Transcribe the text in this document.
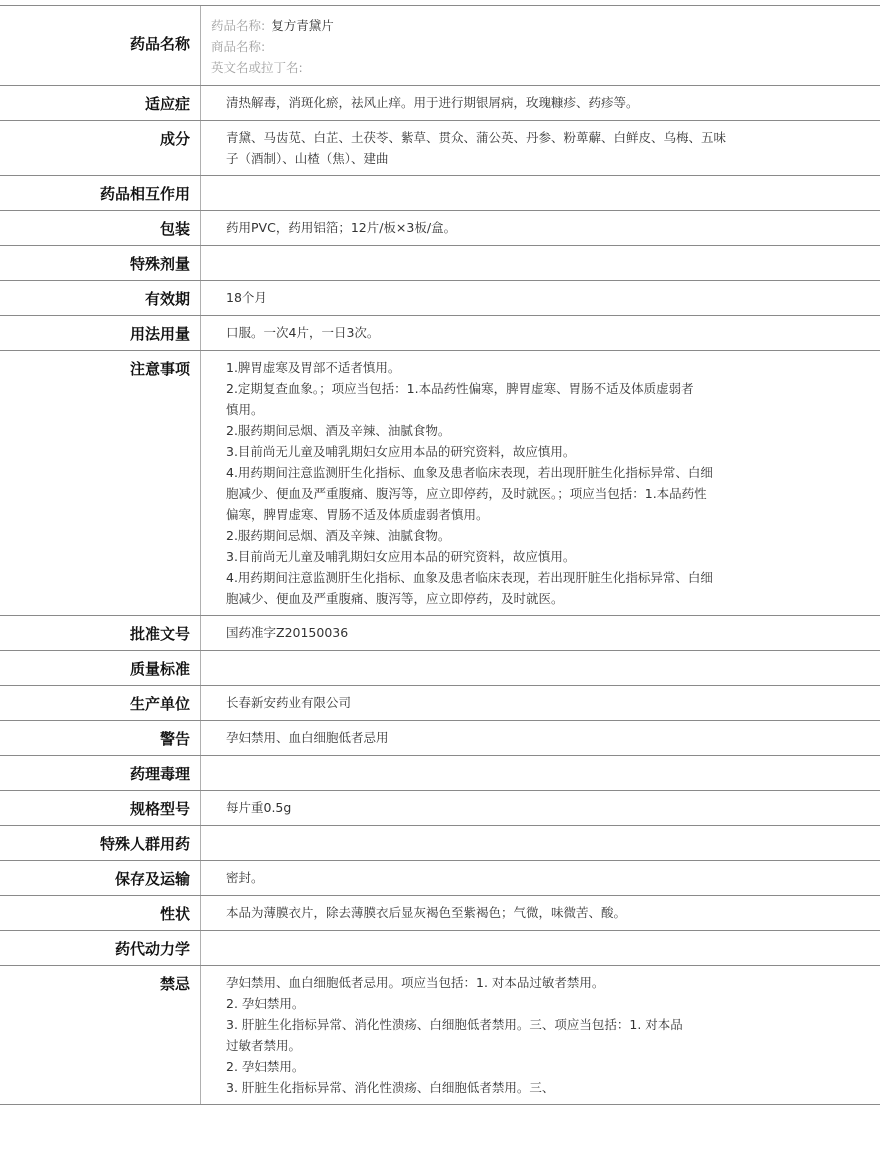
药品名称
药品名称: 复方青黛片
商品名称:
英文名或拉丁名:
适应症	清热解毒，消斑化瘀，祛风止痒。用于进行期银屑病，玫瑰糠疹、药疹等。
成分	青黛、马齿苋、白芷、土茯苓、紫草、贯众、蒲公英、丹参、粉萆薢、白鲜皮、乌梅、五味
子（酒制）、山楂（焦）、建曲
药品相互作用
包装	药用PVC，药用铝箔；12片/板×3板/盒。
特殊剂量
有效期	18个月
用法用量	口服。一次4片，一日3次。
注意事项	1.脾胃虚寒及胃部不适者慎用。
2.定期复查血象。；项应当包括：1.本品药性偏寒，脾胃虚寒、胃肠不适及体质虚弱者
慎用。
2.服药期间忌烟、酒及辛辣、油腻食物。
3.目前尚无儿童及哺乳期妇女应用本品的研究资料，故应慎用。
4.用药期间注意监测肝生化指标、血象及患者临床表现，若出现肝脏生化指标异常、白细
胞减少、便血及严重腹痛、腹泻等，应立即停药，及时就医。；项应当包括：1.本品药性
偏寒，脾胃虚寒、胃肠不适及体质虚弱者慎用。
2.服药期间忌烟、酒及辛辣、油腻食物。
3.目前尚无儿童及哺乳期妇女应用本品的研究资料，故应慎用。
4.用药期间注意监测肝生化指标、血象及患者临床表现，若出现肝脏生化指标异常、白细
胞减少、便血及严重腹痛、腹泻等，应立即停药，及时就医。
批准文号	国药准字Z20150036
质量标准
生产单位	长春新安药业有限公司
警告	孕妇禁用、血白细胞低者忌用
药理毒理
规格型号	每片重0.5g
特殊人群用药
保存及运输	密封。
性状	本品为薄膜衣片，除去薄膜衣后显灰褐色至紫褐色；气微，味微苦、酸。
药代动力学
禁忌	孕妇禁用、血白细胞低者忌用。项应当包括：1. 对本品过敏者禁用。
2. 孕妇禁用。
3. 肝脏生化指标异常、消化性溃疡、白细胞低者禁用。三、项应当包括：1. 对本品
过敏者禁用。
2. 孕妇禁用。
3. 肝脏生化指标异常、消化性溃疡、白细胞低者禁用。三、
